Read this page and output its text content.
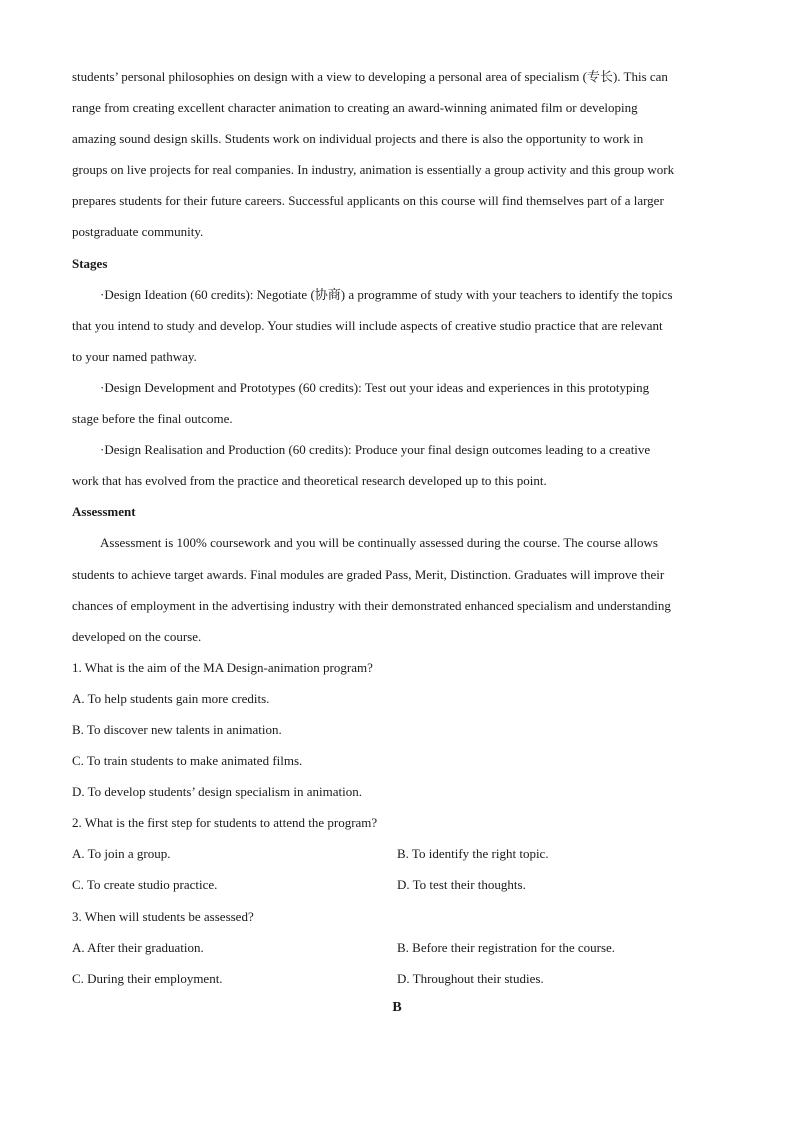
students’ personal philosophies on design with a view to developing a personal area of specialism (专长). This can
range from creating excellent character animation to creating an award-winning animated film or developing
amazing sound design skills. Students work on individual projects and there is also the opportunity to work in
groups on live projects for real companies. In industry, animation is essentially a group activity and this group work
prepares students for their future careers. Successful applicants on this course will find themselves part of a larger
postgraduate community.
Stages
·Design Ideation (60 credits): Negotiate (协商) a programme of study with your teachers to identify the topics
that you intend to study and develop. Your studies will include aspects of creative studio practice that are relevant
to your named pathway.
·Design Development and Prototypes (60 credits): Test out your ideas and experiences in this prototyping
stage before the final outcome.
·Design Realisation and Production (60 credits): Produce your final design outcomes leading to a creative
work that has evolved from the practice and theoretical research developed up to this point.
Assessment
Assessment is 100% coursework and you will be continually assessed during the course. The course allows
students to achieve target awards. Final modules are graded Pass, Merit, Distinction. Graduates will improve their
chances of employment in the advertising industry with their demonstrated enhanced specialism and understanding
developed on the course.
1. What is the aim of the MA Design-animation program?
A. To help students gain more credits.
B. To discover new talents in animation.
C. To train students to make animated films.
D. To develop students’ design specialism in animation.
2. What is the first step for students to attend the program?
A. To join a group.	B. To identify the right topic.
C. To create studio practice.	D. To test their thoughts.
3. When will students be assessed?
A. After their graduation.	B. Before their registration for the course.
C. During their employment.	D. Throughout their studies.
B
